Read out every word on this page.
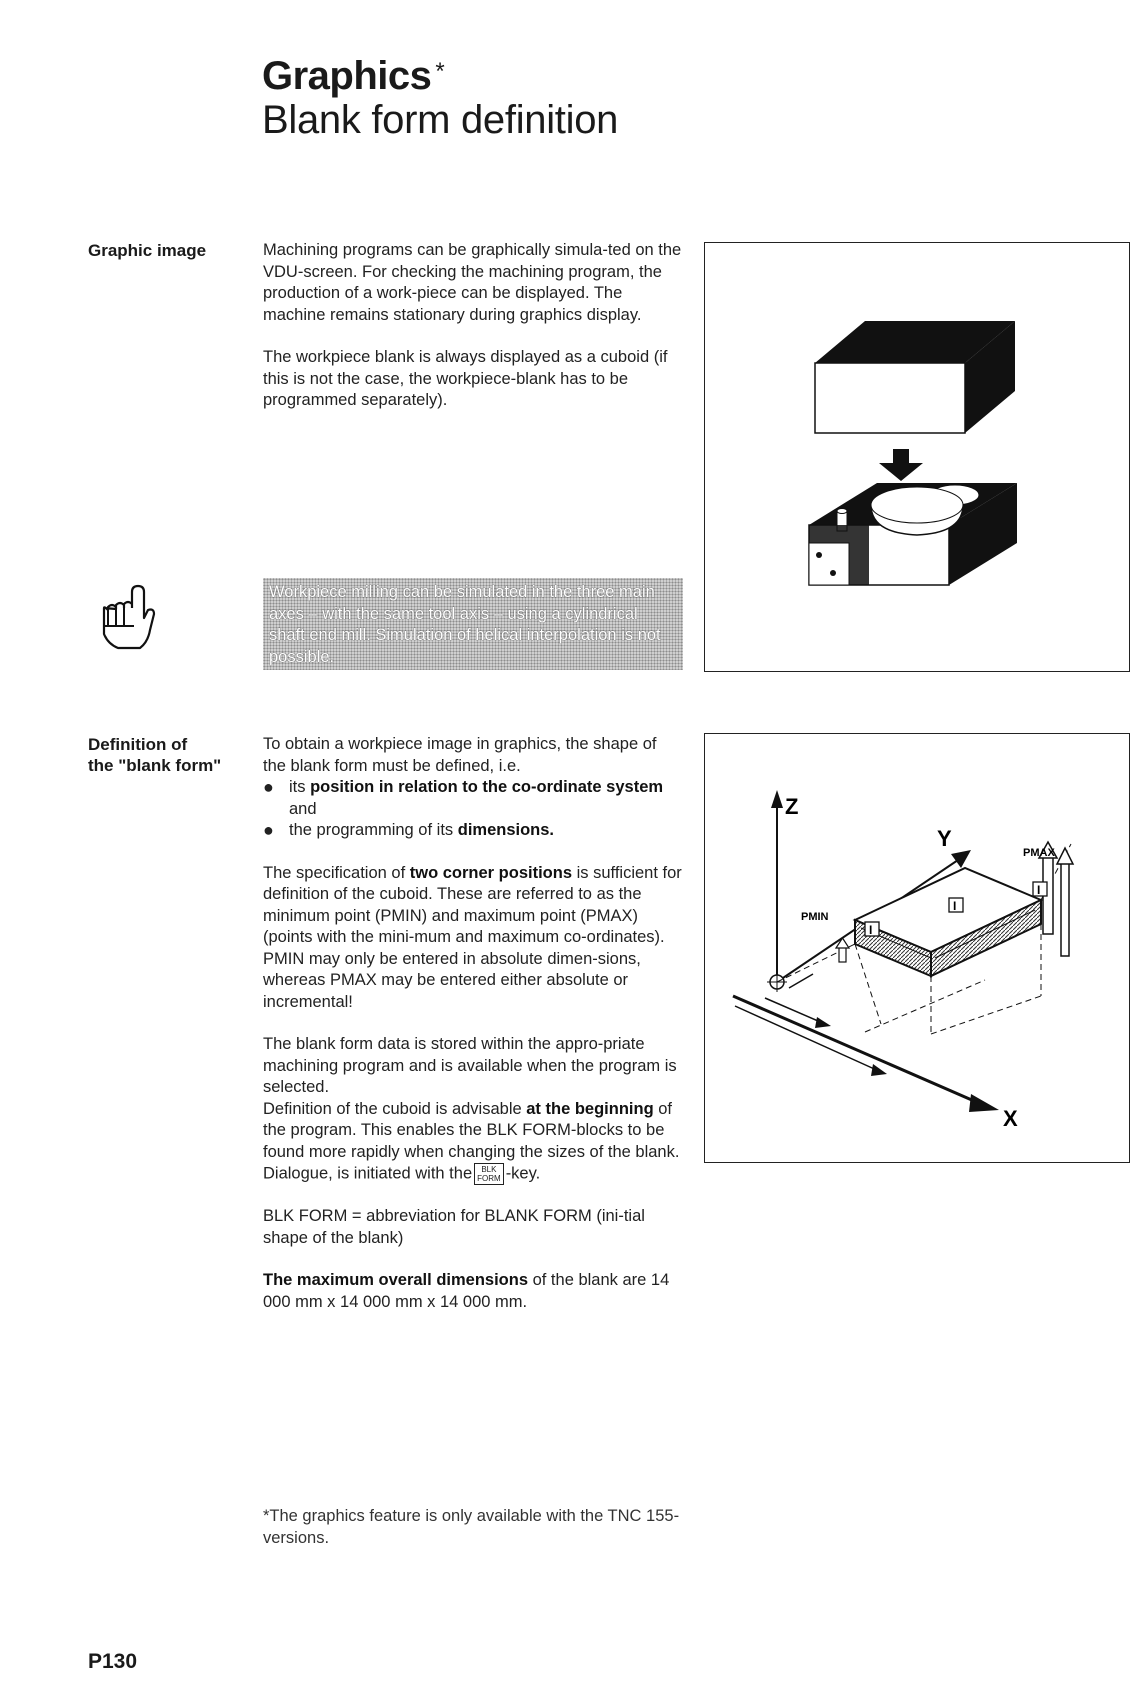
Graphics *
Blank form definition
Graphic image	Machining programs can be graphically simula-ted on the VDU-screen. For checking the machining program, the production of a work-piece can be displayed. The machine remains stationary during graphics display.

The workpiece blank is always displayed as a cuboid (if this is not the case, the workpiece-blank has to be programmed separately).

Workpiece milling can be simulated in the three main axes – with the same tool axis – using a cylindrical shaft end mill. Simulation of helical interpolation is not possible.
Definition of
the "blank form"

To obtain a workpiece image in graphics, the shape of the blank form must be defined, i.e.

● its position in relation to the co-ordinate system
and
● the programming of its dimensions.

The specification of two corner positions is sufficient for definition of the cuboid. These are referred to as the minimum point (PMIN) and maximum point (PMAX) (points with the mini-mum and maximum co-ordinates).

PMIN may only be entered in absolute dimen-sions, whereas PMAX may be entered either absolute or incremental!

The blank form data is stored within the appro-priate machining program and is available when the program is selected.

Definition of the cuboid is advisable at the beginning of the program. This enables the BLK FORM-blocks to be found more rapidly when changing the sizes of the blank.

Dialogue, is initiated with the BLK
FORM -key.

BLK FORM = abbreviation for BLANK FORM (ini-tial shape of the blank)

The maximum overall dimensions of the blank are 14 000 mm x 14 000 mm x 14 000 mm.

Z
Y
X
I
I
I
PMAX
PMIN
*The graphics feature is only available with the TNC 155-versions.
P130
